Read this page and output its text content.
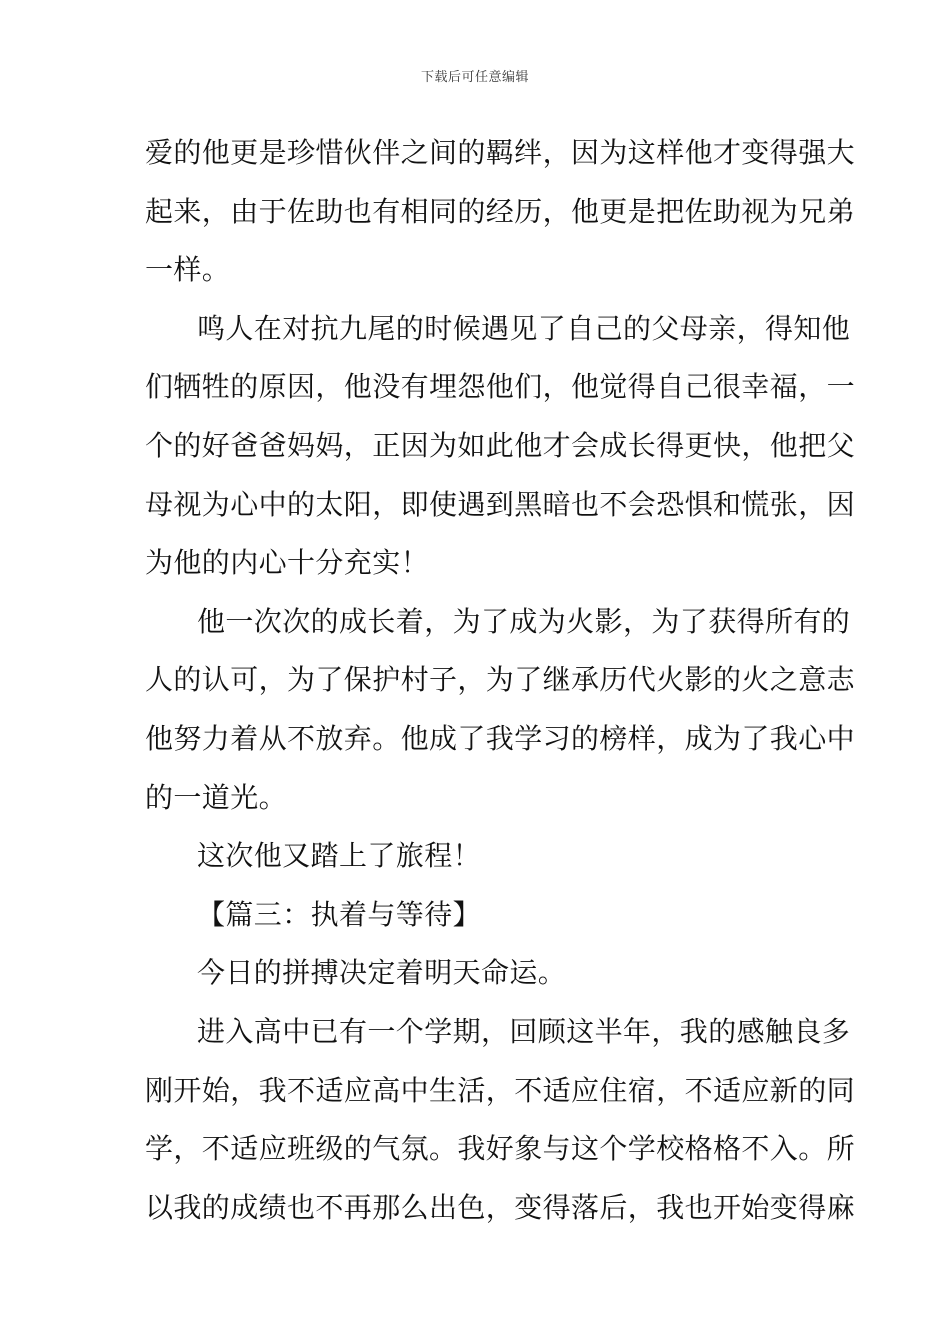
下载后可任意编辑
爱的他更是珍惜伙伴之间的羁绊，因为这样他才变得强大
起来，由于佐助也有相同的经历，他更是把佐助视为兄弟
一样。
鸣人在对抗九尾的时候遇见了自己的父母亲，得知他
们牺牲的原因，他没有埋怨他们，他觉得自己很幸福，一
个的好爸爸妈妈，正因为如此他才会成长得更快，他把父
母视为心中的太阳，即使遇到黑暗也不会恐惧和慌张，因
为他的内心十分充实！
他一次次的成长着，为了成为火影，为了获得所有的
人的认可，为了保护村子，为了继承历代火影的火之意志
他努力着从不放弃。他成了我学习的榜样，成为了我心中
的一道光。
这次他又踏上了旅程！
【篇三：执着与等待】
今日的拼搏决定着明天命运。
进入高中已有一个学期，回顾这半年，我的感触良多
刚开始，我不适应高中生活，不适应住宿，不适应新的同
学，不适应班级的气氛。我好象与这个学校格格不入。所
以我的成绩也不再那么出色，变得落后，我也开始变得麻
